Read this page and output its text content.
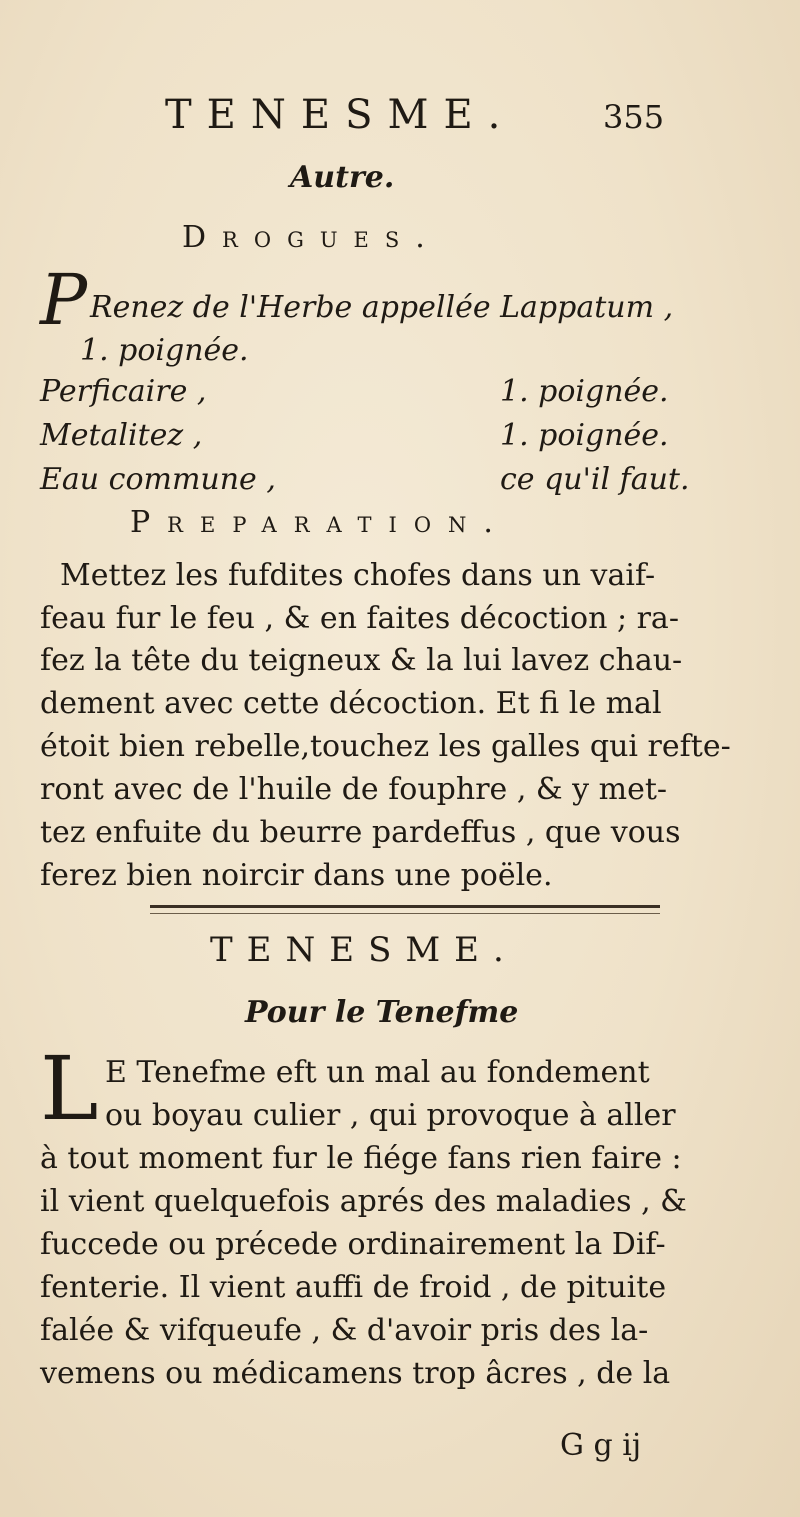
TENESME.	355
Autre.
Drogues.
P Renez de l'Herbe appellée Lappatum ,
1. poignée.
Perficaire ,	1. poignée.
Metalitez ,	1. poignée.
Eau commune ,	ce qu'il faut.
Preparation.
Mettez les fufdites chofes dans un vaif-
feau fur le feu , & en faites décoction ; ra-
fez la tête du teigneux & la lui lavez chau-
dement avec cette décoction. Et fi le mal
étoit bien rebelle,touchez les galles qui refte-
ront avec de l'huile de fouphre , & y met-
tez enfuite du beurre pardeffus , que vous
ferez bien noircir dans une poële.
TENESME.
Pour le Tenefme
L E Tenefme eft un mal au fondement
ou boyau culier , qui provoque à aller
à tout moment fur le fiége fans rien faire :
il vient quelquefois aprés des maladies , &
fuccede ou précede ordinairement la Dif-
fenterie. Il vient auffi de froid , de pituite
falée & vifqueufe , & d'avoir pris des la-
vemens ou médicamens trop âcres , de la
G g ij
